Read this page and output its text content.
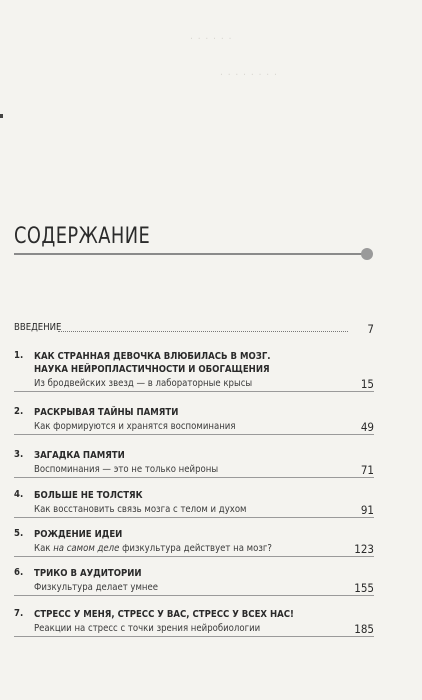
· · · · · ·
· · · · · · · ·
СОДЕРЖАНИЕ
ВВЕДЕНИЕ	7
1. КАК СТРАННАЯ ДЕВОЧКА ВЛЮБИЛАСЬ В МОЗГ.
НАУКА НЕЙРОПЛАСТИЧНОСТИ И ОБОГАЩЕНИЯ
Из бродвейских звезд — в лабораторные крысы	15
2. РАСКРЫВАЯ ТАЙНЫ ПАМЯТИ
Как формируются и хранятся воспоминания	49
3. ЗАГАДКА ПАМЯТИ
Воспоминания — это не только нейроны	71
4. БОЛЬШЕ НЕ ТОЛСТЯК
Как восстановить связь мозга с телом и духом	91
5. РОЖДЕНИЕ ИДЕИ
Как на самом деле физкультура действует на мозг?	123
6. ТРИКО В АУДИТОРИИ
Физкультура делает умнее	155
7. СТРЕСС У МЕНЯ, СТРЕСС У ВАС, СТРЕСС У ВСЕХ НАС!
Реакции на стресс с точки зрения нейробиологии	185
